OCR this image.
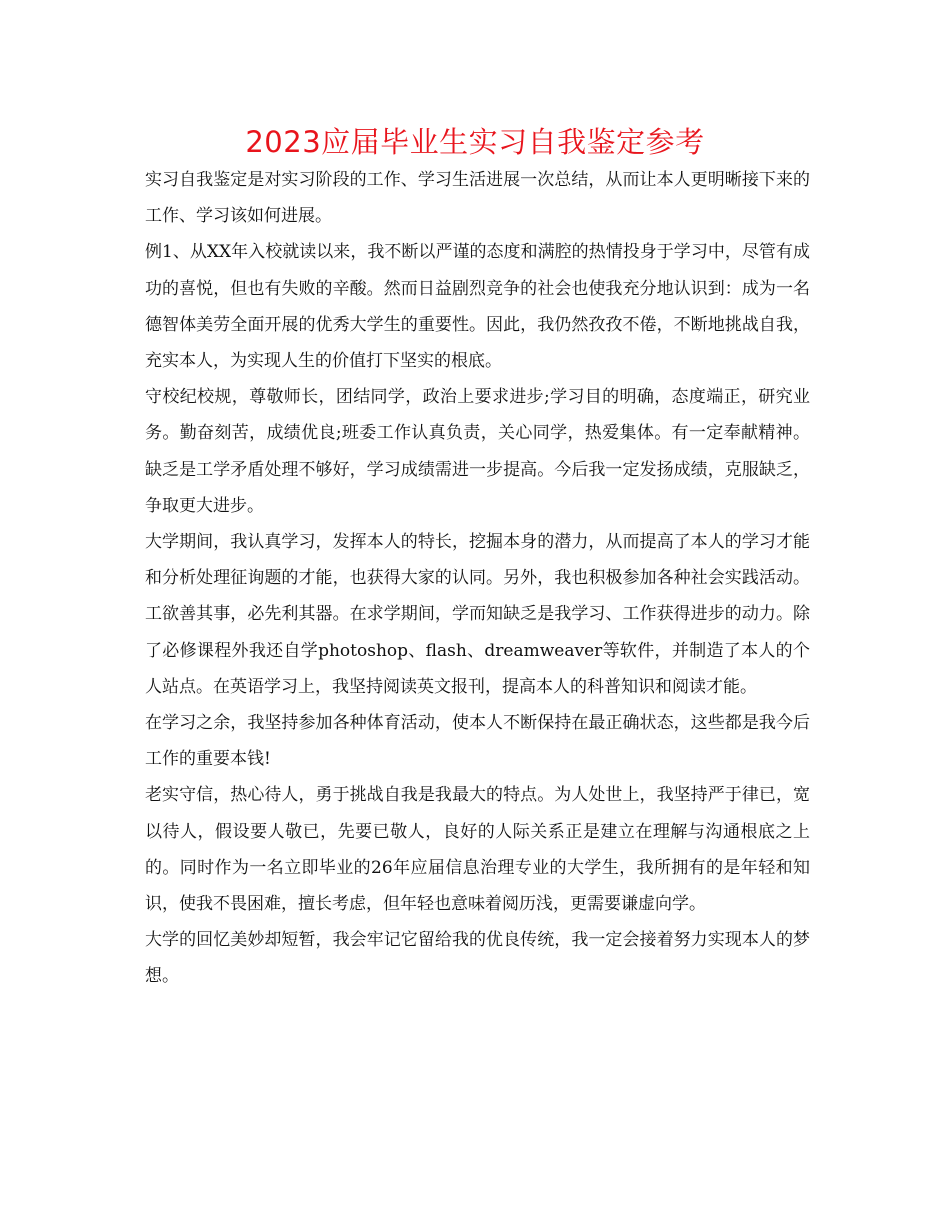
2023应届毕业生实习自我鉴定参考

实习自我鉴定是对实习阶段的工作、学习生活进展一次总结，从而让本人更明晰接下来的工作、学习该如何进展。

例1、从XX年入校就读以来，我不断以严谨的态度和满腔的热情投身于学习中，尽管有成功的喜悦，但也有失败的辛酸。然而日益剧烈竞争的社会也使我充分地认识到：成为一名德智体美劳全面开展的优秀大学生的重要性。因此，我仍然孜孜不倦，不断地挑战自我，充实本人，为实现人生的价值打下坚实的根底。

守校纪校规，尊敬师长，团结同学，政治上要求进步;学习目的明确，态度端正，研究业务。勤奋刻苦，成绩优良;班委工作认真负责，关心同学，热爱集体。有一定奉献精神。缺乏是工学矛盾处理不够好，学习成绩需进一步提高。今后我一定发扬成绩，克服缺乏，争取更大进步。

大学期间，我认真学习，发挥本人的特长，挖掘本身的潜力，从而提高了本人的学习才能和分析处理征询题的才能，也获得大家的认同。另外，我也积极参加各种社会实践活动。工欲善其事，必先利其器。在求学期间，学而知缺乏是我学习、工作获得进步的动力。除了必修课程外我还自学photoshop、flash、dreamweaver等软件，并制造了本人的个人站点。在英语学习上，我坚持阅读英文报刊，提高本人的科普知识和阅读才能。

在学习之余，我坚持参加各种体育活动，使本人不断保持在最正确状态，这些都是我今后工作的重要本钱!

老实守信，热心待人，勇于挑战自我是我最大的特点。为人处世上，我坚持严于律已，宽以待人，假设要人敬已，先要已敬人，良好的人际关系正是建立在理解与沟通根底之上的。同时作为一名立即毕业的26年应届信息治理专业的大学生，我所拥有的是年轻和知识，使我不畏困难，擅长考虑，但年轻也意味着阅历浅，更需要谦虚向学。

大学的回忆美妙却短暂，我会牢记它留给我的优良传统，我一定会接着努力实现本人的梦想。
